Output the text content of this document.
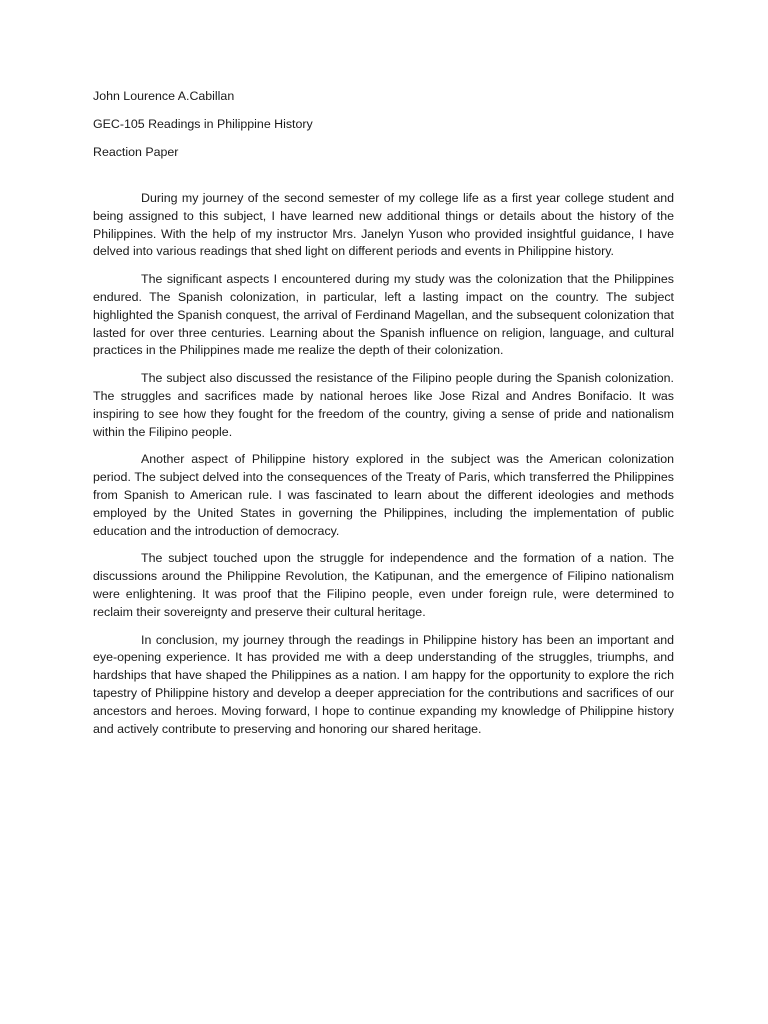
John Lourence A.Cabillan

GEC-105 Readings in Philippine History

Reaction Paper

During my journey of the second semester of my college life as a first year college student and being assigned to this subject, I have learned new additional things or details about the history of the Philippines. With the help of my instructor Mrs. Janelyn Yuson who provided insightful guidance, I have delved into various readings that shed light on different periods and events in Philippine history.

The significant aspects I encountered during my study was the colonization that the Philippines endured. The Spanish colonization, in particular, left a lasting impact on the country. The subject highlighted the Spanish conquest, the arrival of Ferdinand Magellan, and the subsequent colonization that lasted for over three centuries. Learning about the Spanish influence on religion, language, and cultural practices in the Philippines made me realize the depth of their colonization.

The subject also discussed the resistance of the Filipino people during the Spanish colonization. The struggles and sacrifices made by national heroes like Jose Rizal and Andres Bonifacio. It was inspiring to see how they fought for the freedom of the country, giving a sense of pride and nationalism within the Filipino people.

Another aspect of Philippine history explored in the subject was the American colonization period. The subject delved into the consequences of the Treaty of Paris, which transferred the Philippines from Spanish to American rule. I was fascinated to learn about the different ideologies and methods employed by the United States in governing the Philippines, including the implementation of public education and the introduction of democracy.

The subject touched upon the struggle for independence and the formation of a nation. The discussions around the Philippine Revolution, the Katipunan, and the emergence of Filipino nationalism were enlightening. It was proof that the Filipino people, even under foreign rule, were determined to reclaim their sovereignty and preserve their cultural heritage.

In conclusion, my journey through the readings in Philippine history has been an important and eye-opening experience. It has provided me with a deep understanding of the struggles, triumphs, and hardships that have shaped the Philippines as a nation. I am happy for the opportunity to explore the rich tapestry of Philippine history and develop a deeper appreciation for the contributions and sacrifices of our ancestors and heroes. Moving forward, I hope to continue expanding my knowledge of Philippine history and actively contribute to preserving and honoring our shared heritage.
